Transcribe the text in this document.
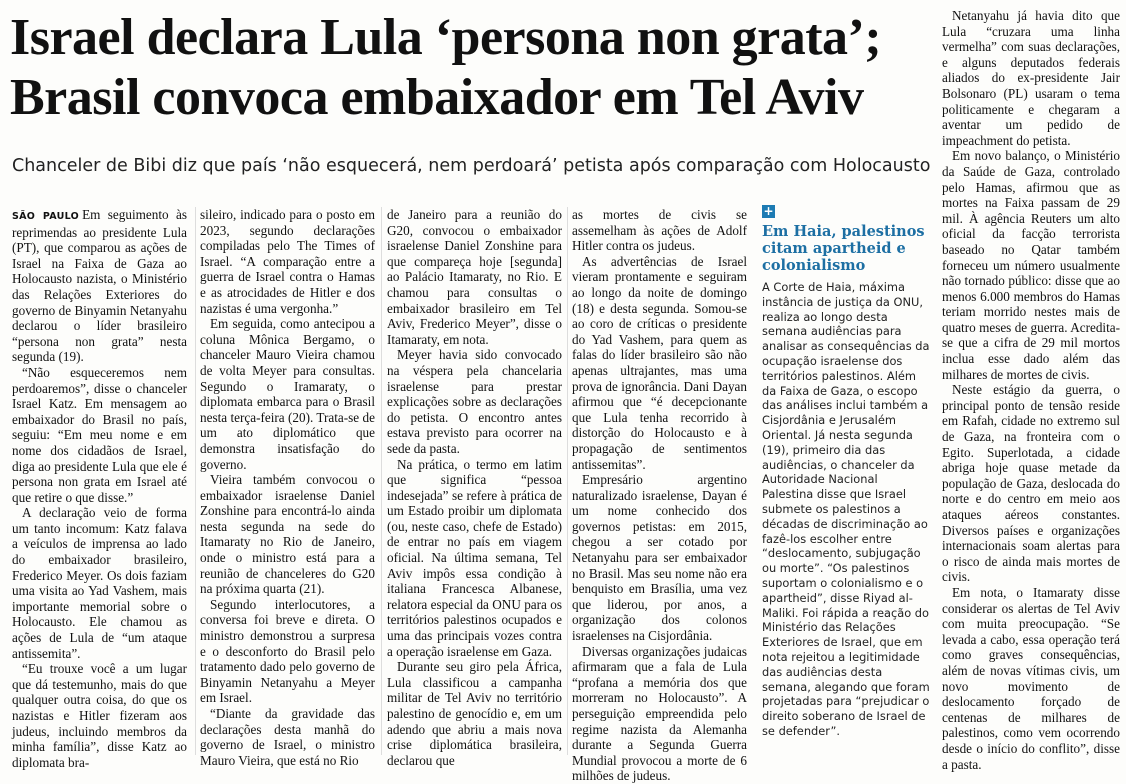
Israel declara Lula ‘persona non grata’;
Brasil convoca embaixador em Tel Aviv

Chanceler de Bibi diz que país ‘não esquecerá, nem perdoará’ petista após comparação com Holocausto

SÃO PAULO Em seguimento às reprimendas ao presidente Lula (PT), que comparou as ações de Israel na Faixa de Gaza ao Holocausto nazista, o Ministério das Relações Exteriores do governo de Binyamin Netanyahu declarou o líder brasileiro “persona non grata” nesta segunda (19).

“Não esqueceremos nem perdoaremos”, disse o chanceler Israel Katz. Em mensagem ao embaixador do Brasil no país, seguiu: “Em meu nome e em nome dos cidadãos de Israel, diga ao presidente Lula que ele é persona non grata em Israel até que retire o que disse.”

A declaração veio de forma um tanto incomum: Katz falava a veículos de imprensa ao lado do embaixador brasileiro, Frederico Meyer. Os dois faziam uma visita ao Yad Vashem, mais importante memorial sobre o Holocausto. Ele chamou as ações de Lula de “um ataque antissemita”.

“Eu trouxe você a um lugar que dá testemunho, mais do que qualquer outra coisa, do que os nazistas e Hitler fizeram aos judeus, incluindo membros da minha família”, disse Katz ao diplomata bra-

sileiro, indicado para o posto em 2023, segundo declarações compiladas pelo The Times of Israel. “A comparação entre a guerra de Israel contra o Hamas e as atrocidades de Hitler e dos nazistas é uma vergonha.”

Em seguida, como antecipou a coluna Mônica Bergamo, o chanceler Mauro Vieira chamou de volta Meyer para consultas. Segundo o Iramaraty, o diplomata embarca para o Brasil nesta terça-feira (20). Trata-se de um ato diplomático que demonstra insatisfação do governo.

Vieira também convocou o embaixador israelense Daniel Zonshine para encontrá-lo ainda nesta segunda na sede do Itamaraty no Rio de Janeiro, onde o ministro está para a reunião de chanceleres do G20 na próxima quarta (21).

Segundo interlocutores, a conversa foi breve e direta. O ministro demonstrou a surpresa e o desconforto do Brasil pelo tratamento dado pelo governo de Binyamin Netanyahu a Meyer em Israel.

“Diante da gravidade das declarações desta manhã do governo de Israel, o ministro Mauro Vieira, que está no Rio

de Janeiro para a reunião do G20, convocou o embaixador israelense Daniel Zonshine para que compareça hoje [segunda] ao Palácio Itamaraty, no Rio. E chamou para consultas o embaixador brasileiro em Tel Aviv, Frederico Meyer”, disse o Itamaraty, em nota.

Meyer havia sido convocado na véspera pela chancelaria israelense para prestar explicações sobre as declarações do petista. O encontro antes estava previsto para ocorrer na sede da pasta.

Na prática, o termo em latim que significa “pessoa indesejada” se refere à prática de um Estado proibir um diplomata (ou, neste caso, chefe de Estado) de entrar no país em viagem oficial. Na última semana, Tel Aviv impôs essa condição à italiana Francesca Albanese, relatora especial da ONU para os territórios palestinos ocupados e uma das principais vozes contra a operação israelense em Gaza.

Durante seu giro pela África, Lula classificou a campanha militar de Tel Aviv no território palestino de genocídio e, em um adendo que abriu a mais nova crise diplomática brasileira, declarou que

as mortes de civis se assemelham às ações de Adolf Hitler contra os judeus.

As advertências de Israel vieram prontamente e seguiram ao longo da noite de domingo (18) e desta segunda. Somou-se ao coro de críticas o presidente do Yad Vashem, para quem as falas do líder brasileiro são não apenas ultrajantes, mas uma prova de ignorância. Dani Dayan afirmou que “é decepcionante que Lula tenha recorrido à distorção do Holocausto e à propagação de sentimentos antissemitas”.

Empresário argentino naturalizado israelense, Dayan é um nome conhecido dos governos petistas: em 2015, chegou a ser cotado por Netanyahu para ser embaixador no Brasil. Mas seu nome não era benquisto em Brasília, uma vez que liderou, por anos, a organização dos colonos israelenses na Cisjordânia.

Diversas organizações judaicas afirmaram que a fala de Lula “profana a memória dos que morreram no Holocausto”. A perseguição empreendida pelo regime nazista da Alemanha durante a Segunda Guerra Mundial provocou a morte de 6 milhões de judeus.

+
Em Haia, palestinos citam apartheid e colonialismo

A Corte de Haia, máxima instância de justiça da ONU, realiza ao longo desta semana audiências para analisar as consequências da ocupação israelense dos territórios palestinos. Além da Faixa de Gaza, o escopo das análises inclui também a Cisjordânia e Jerusalém Oriental. Já nesta segunda (19), primeiro dia das audiências, o chanceler da Autoridade Nacional Palestina disse que Israel submete os palestinos a décadas de discriminação ao fazê-los escolher entre “deslocamento, subjugação ou morte”. “Os palestinos suportam o colonialismo e o apartheid”, disse Riyad al-Maliki. Foi rápida a reação do Ministério das Relações Exteriores de Israel, que em nota rejeitou a legitimidade das audiências desta semana, alegando que foram projetadas para “prejudicar o direito soberano de Israel de se defender”.

Netanyahu já havia dito que Lula “cruzara uma linha vermelha” com suas declarações, e alguns deputados federais aliados do ex-presidente Jair Bolsonaro (PL) usaram o tema politicamente e chegaram a aventar um pedido de impeachment do petista.

Em novo balanço, o Ministério da Saúde de Gaza, controlado pelo Hamas, afirmou que as mortes na Faixa passam de 29 mil. À agência Reuters um alto oficial da facção terrorista baseado no Qatar também forneceu um número usualmente não tornado público: disse que ao menos 6.000 membros do Hamas teriam morrido nestes mais de quatro meses de guerra. Acredita-se que a cifra de 29 mil mortos inclua esse dado além das milhares de mortes de civis.

Neste estágio da guerra, o principal ponto de tensão reside em Rafah, cidade no extremo sul de Gaza, na fronteira com o Egito. Superlotada, a cidade abriga hoje quase metade da população de Gaza, deslocada do norte e do centro em meio aos ataques aéreos constantes. Diversos países e organizações internacionais soam alertas para o risco de ainda mais mortes de civis.

Em nota, o Itamaraty disse considerar os alertas de Tel Aviv com muita preocupação. “Se levada a cabo, essa operação terá como graves consequências, além de novas vítimas civis, um novo movimento de deslocamento forçado de centenas de milhares de palestinos, como vem ocorrendo desde o início do conflito”, disse a pasta.
